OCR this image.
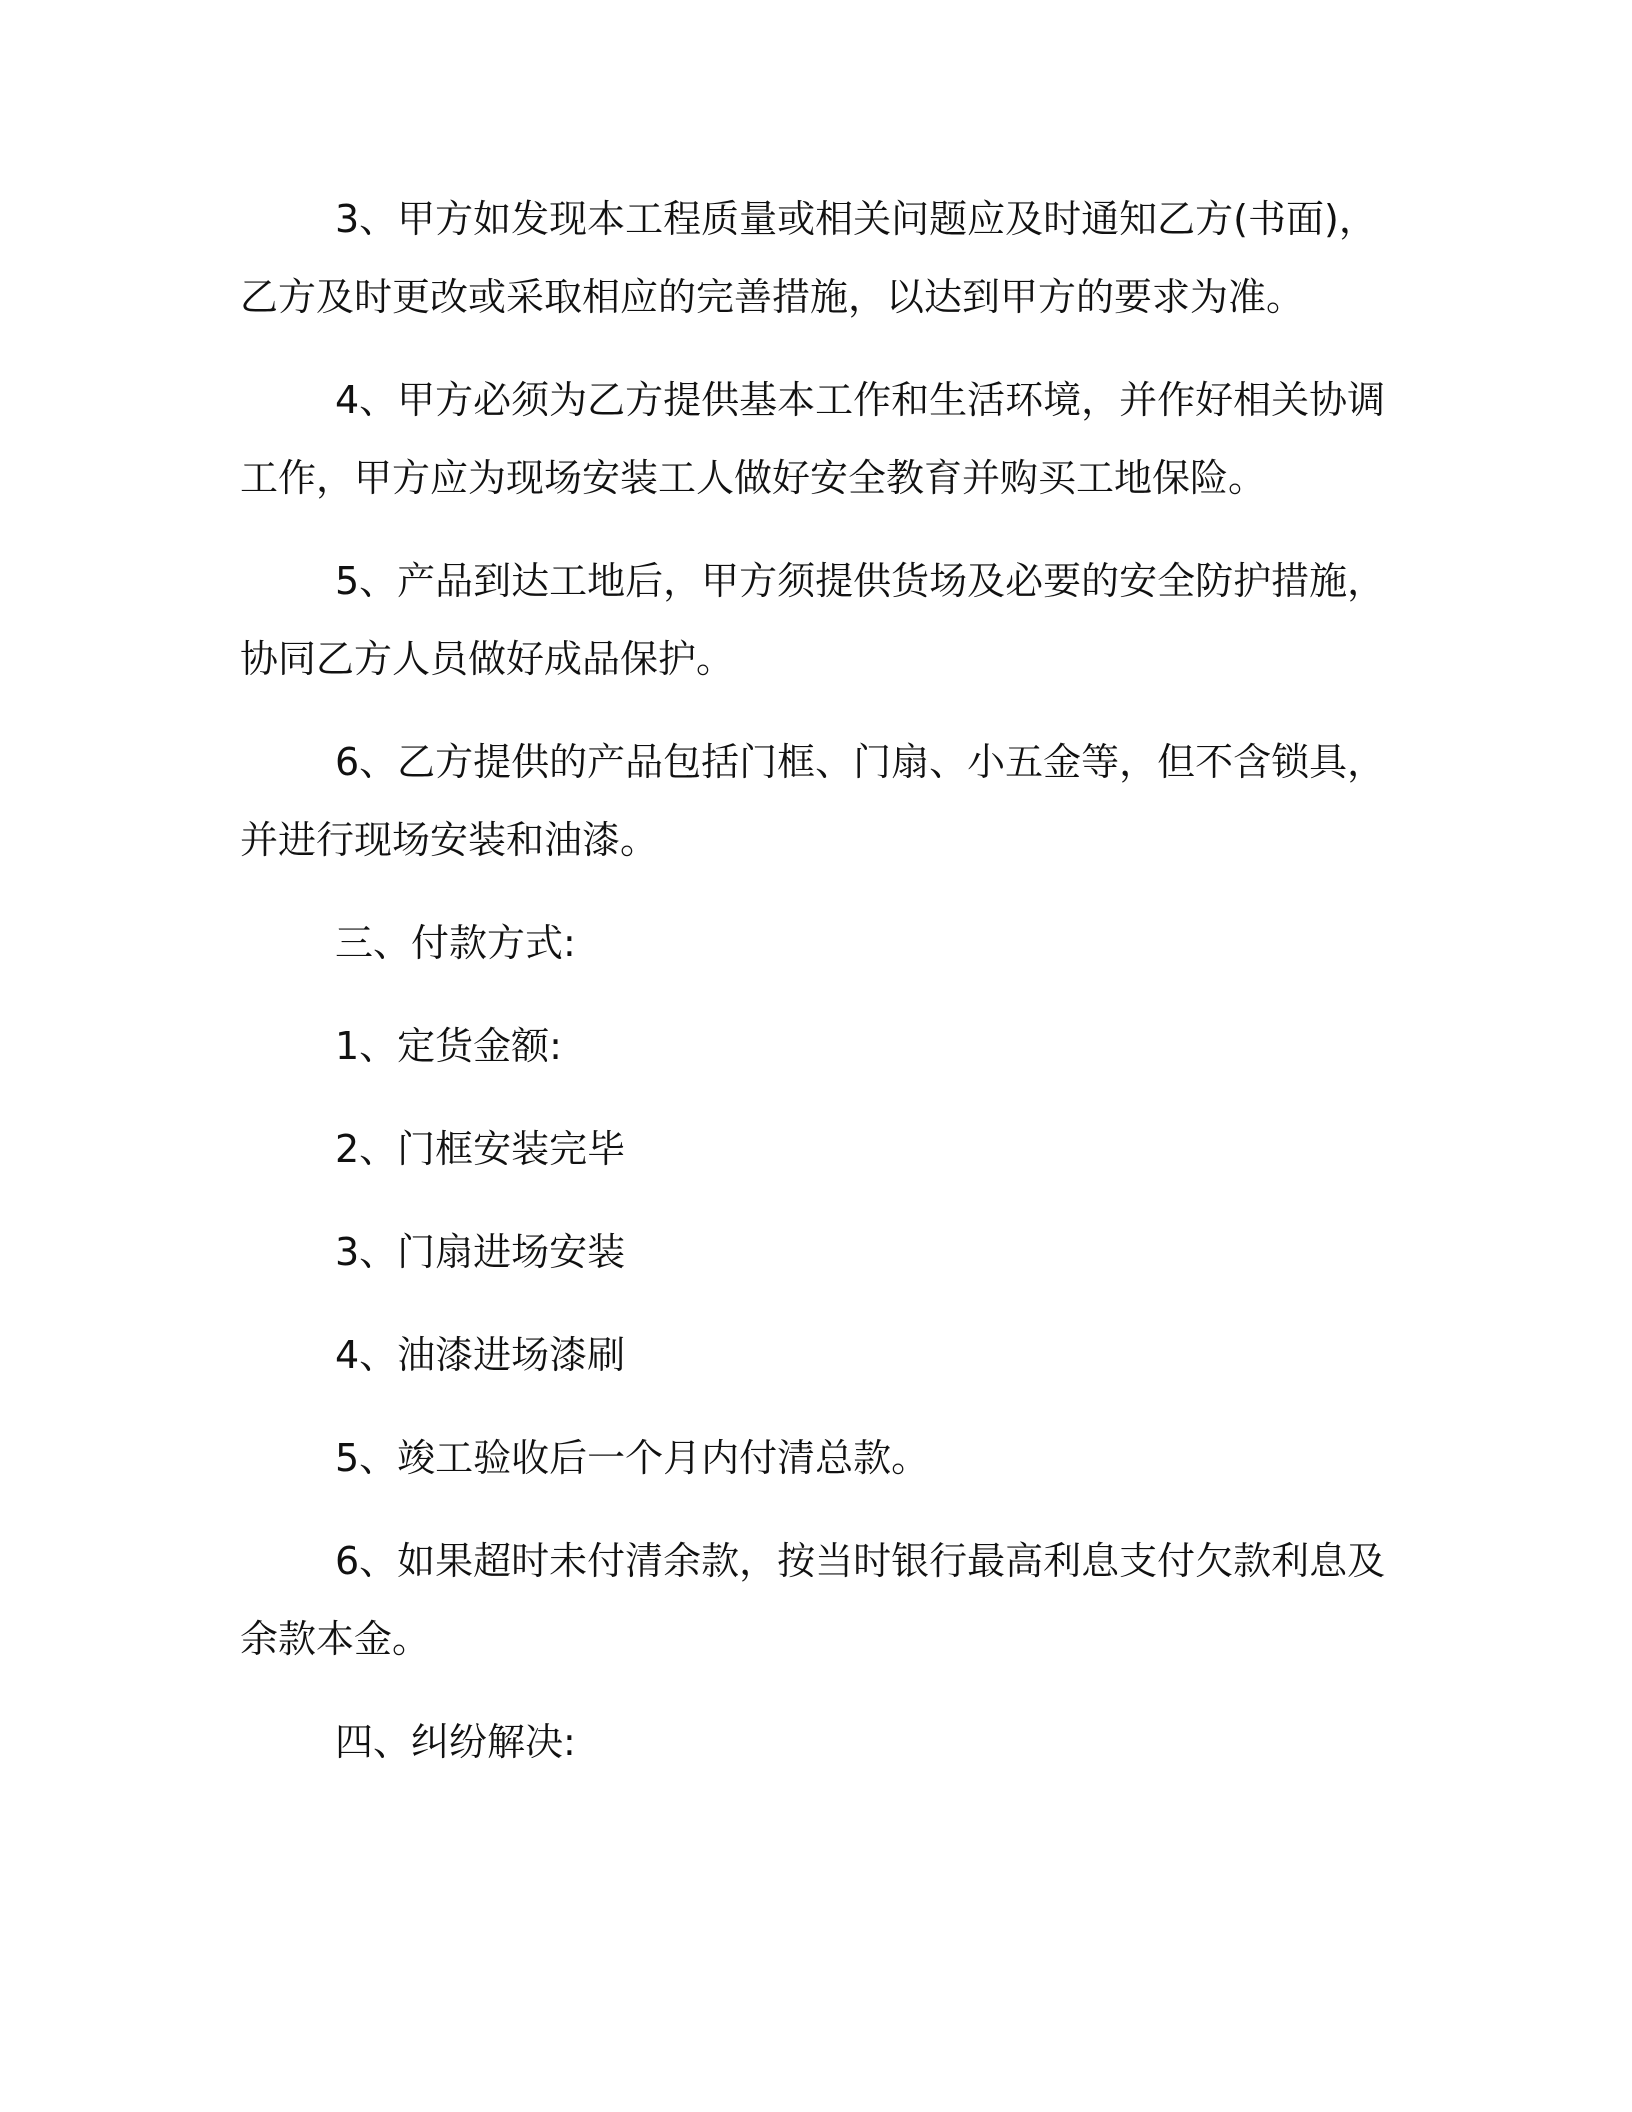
3、甲方如发现本工程质量或相关问题应及时通知乙方(书面)，乙方及时更改或采取相应的完善措施，以达到甲方的要求为准。

4、甲方必须为乙方提供基本工作和生活环境，并作好相关协调工作，甲方应为现场安装工人做好安全教育并购买工地保险。

5、产品到达工地后，甲方须提供货场及必要的安全防护措施，协同乙方人员做好成品保护。

6、乙方提供的产品包括门框、门扇、小五金等，但不含锁具，并进行现场安装和油漆。

三、付款方式:

1、定货金额:

2、门框安装完毕

3、门扇进场安装

4、油漆进场漆刷

5、竣工验收后一个月内付清总款。

6、如果超时未付清余款，按当时银行最高利息支付欠款利息及余款本金。

四、纠纷解决:
